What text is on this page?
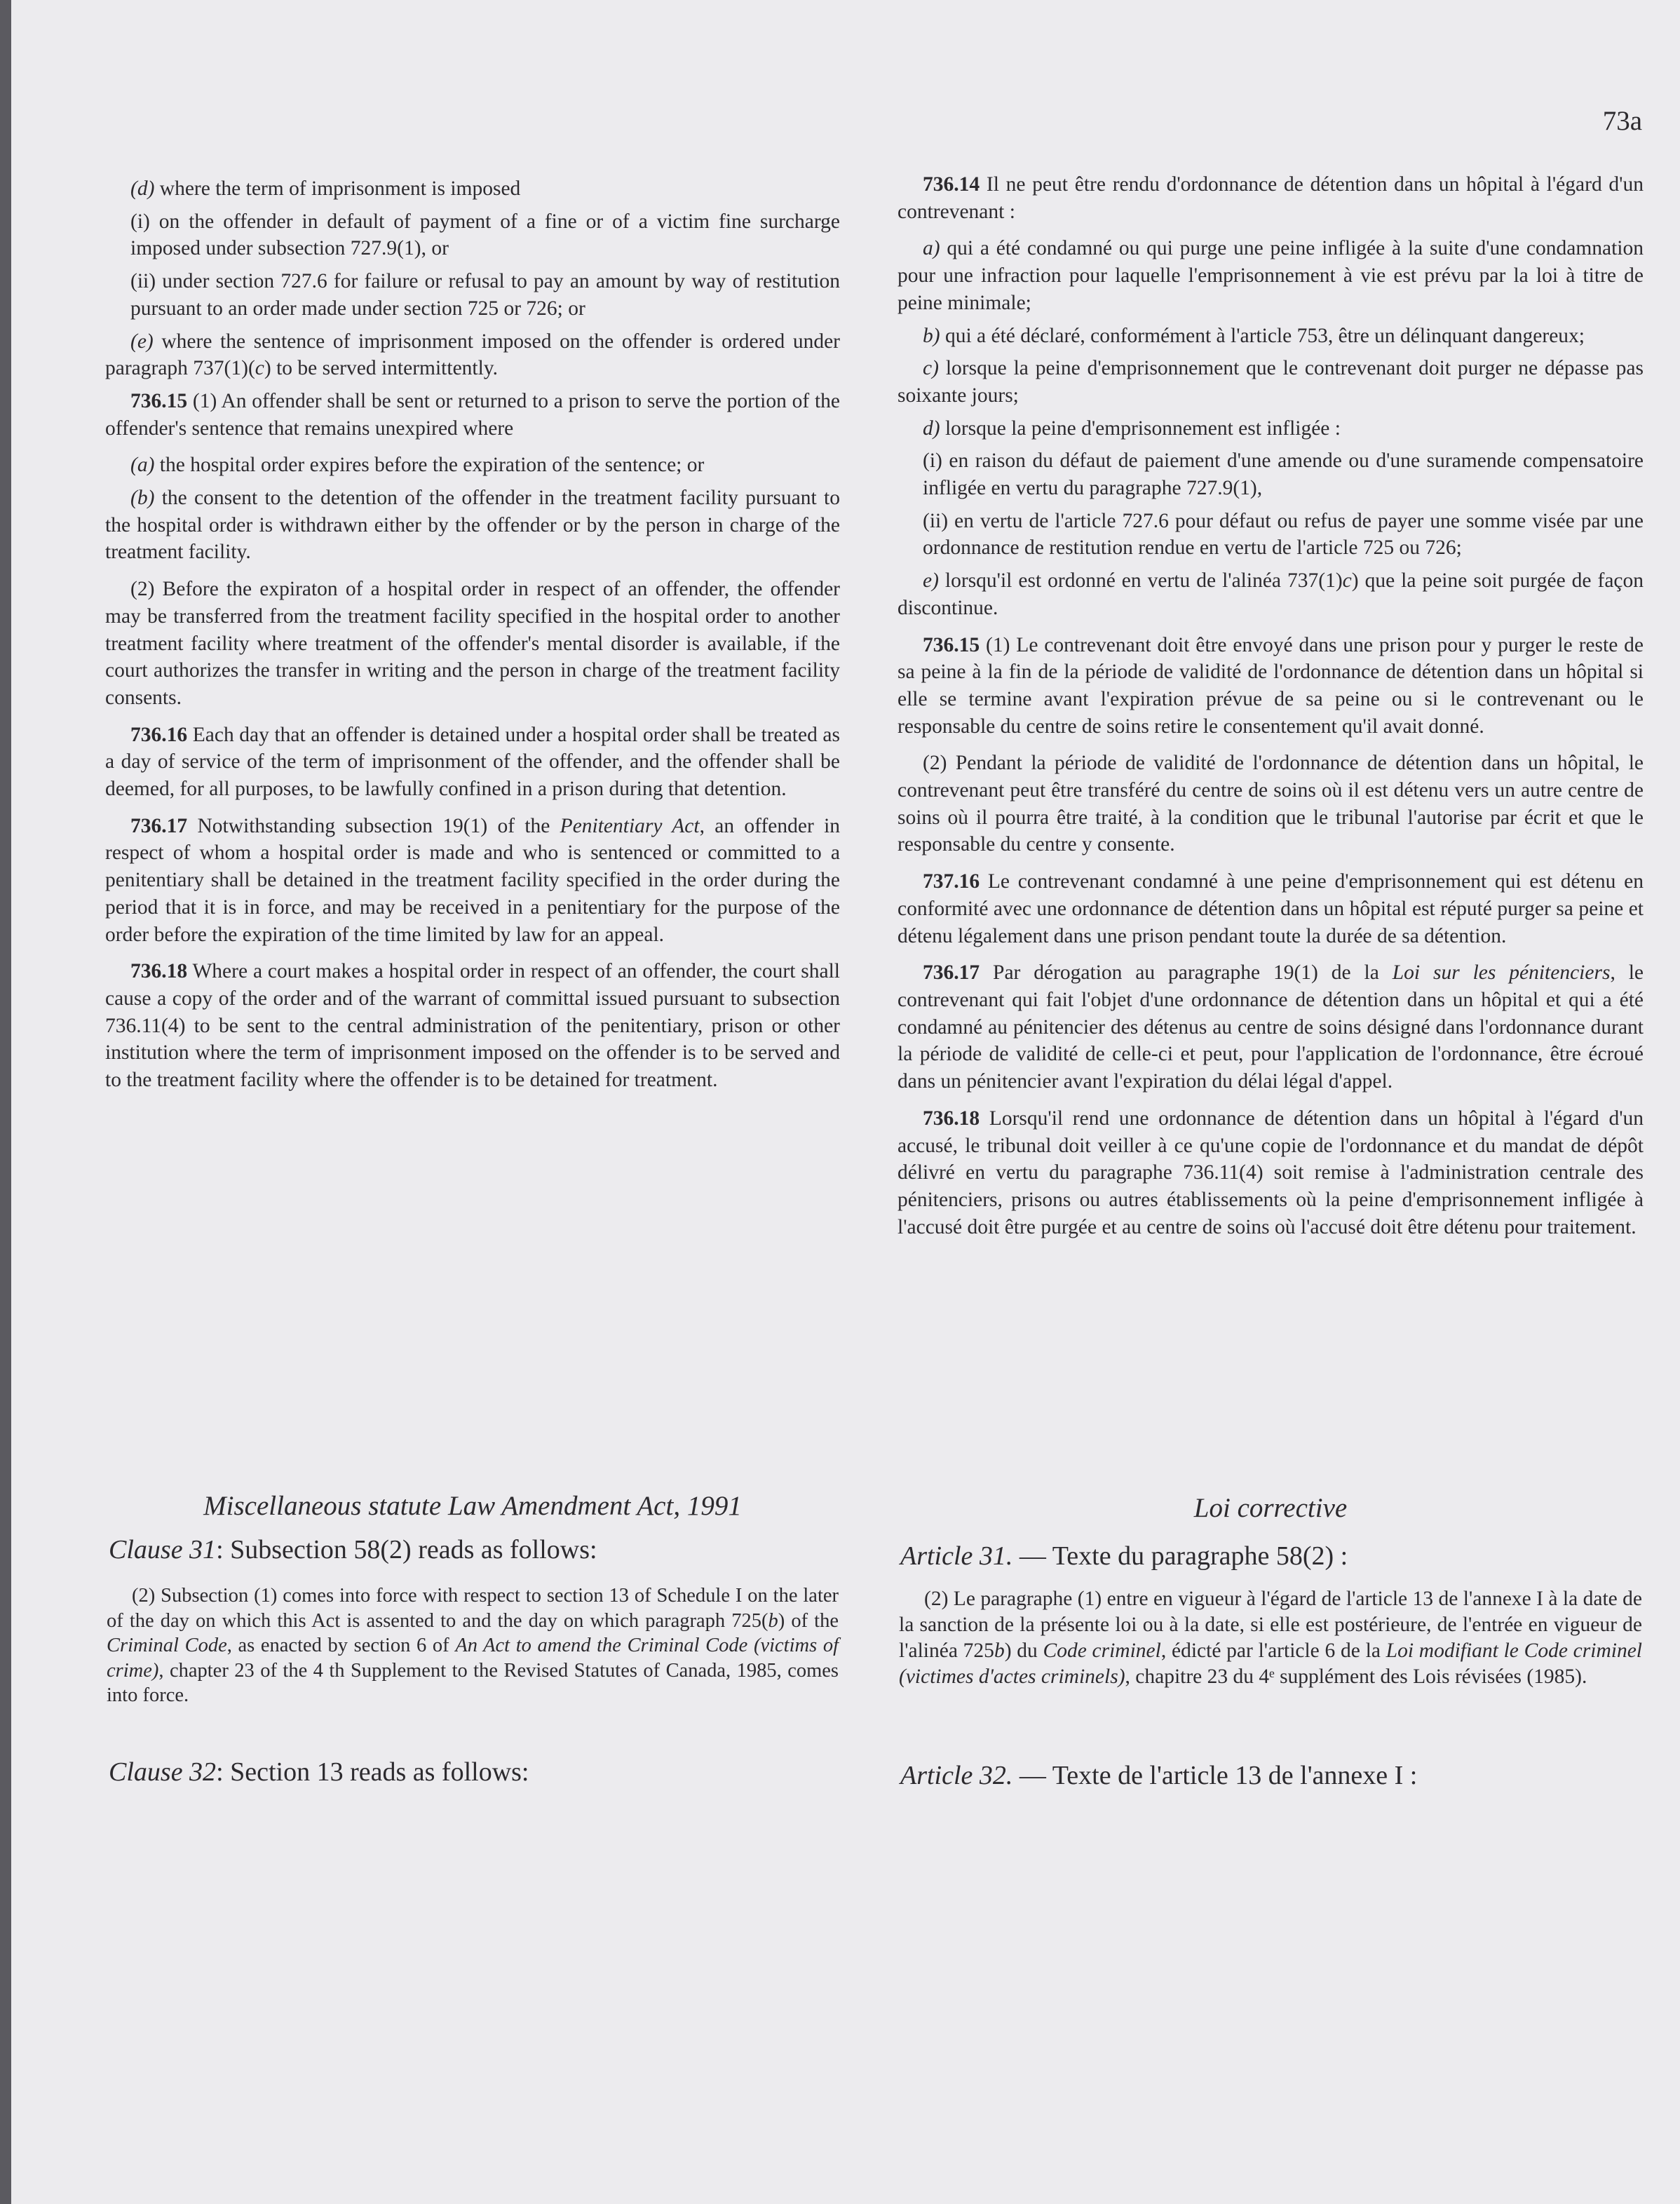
73a

(d) where the term of imprisonment is imposed

(i) on the offender in default of payment of a fine or of a victim fine surcharge imposed under subsection 727.9(1), or

(ii) under section 727.6 for failure or refusal to pay an amount by way of restitution pursuant to an order made under section 725 or 726; or

(e) where the sentence of imprisonment imposed on the offender is ordered under paragraph 737(1)(c) to be served intermittently.

736.15 (1) An offender shall be sent or returned to a prison to serve the portion of the offender's sentence that remains unexpired where

(a) the hospital order expires before the expiration of the sentence; or

(b) the consent to the detention of the offender in the treatment facility pursuant to the hospital order is withdrawn either by the offender or by the person in charge of the treatment facility.

(2) Before the expiraton of a hospital order in respect of an offender, the offender may be transferred from the treatment facility specified in the hospital order to another treatment facility where treatment of the offender's mental disorder is available, if the court authorizes the transfer in writing and the person in charge of the treatment facility consents.

736.16 Each day that an offender is detained under a hospital order shall be treated as a day of service of the term of imprisonment of the offender, and the offender shall be deemed, for all purposes, to be lawfully confined in a prison during that detention.

736.17 Notwithstanding subsection 19(1) of the Penitentiary Act, an offender in respect of whom a hospital order is made and who is sentenced or committed to a penitentiary shall be detained in the treatment facility specified in the order during the period that it is in force, and may be received in a penitentiary for the purpose of the order before the expiration of the time limited by law for an appeal.

736.18 Where a court makes a hospital order in respect of an offender, the court shall cause a copy of the order and of the warrant of committal issued pursuant to subsection 736.11(4) to be sent to the central administration of the penitentiary, prison or other institution where the term of imprisonment imposed on the offender is to be served and to the treatment facility where the offender is to be detained for treatment.

736.14 Il ne peut être rendu d'ordonnance de détention dans un hôpital à l'égard d'un contrevenant :

a) qui a été condamné ou qui purge une peine infligée à la suite d'une condamnation pour une infraction pour laquelle l'emprisonnement à vie est prévu par la loi à titre de peine minimale;

b) qui a été déclaré, conformément à l'article 753, être un délinquant dangereux;

c) lorsque la peine d'emprisonnement que le contrevenant doit purger ne dépasse pas soixante jours;

d) lorsque la peine d'emprisonnement est infligée :

(i) en raison du défaut de paiement d'une amende ou d'une suramende compensatoire infligée en vertu du paragraphe 727.9(1),

(ii) en vertu de l'article 727.6 pour défaut ou refus de payer une somme visée par une ordonnance de restitution rendue en vertu de l'article 725 ou 726;

e) lorsqu'il est ordonné en vertu de l'alinéa 737(1)c) que la peine soit purgée de façon discontinue.

736.15 (1) Le contrevenant doit être envoyé dans une prison pour y purger le reste de sa peine à la fin de la période de validité de l'ordonnance de détention dans un hôpital si elle se termine avant l'expiration prévue de sa peine ou si le contrevenant ou le responsable du centre de soins retire le consentement qu'il avait donné.

(2) Pendant la période de validité de l'ordonnance de détention dans un hôpital, le contrevenant peut être transféré du centre de soins où il est détenu vers un autre centre de soins où il pourra être traité, à la condition que le tribunal l'autorise par écrit et que le responsable du centre y consente.

737.16 Le contrevenant condamné à une peine d'emprisonnement qui est détenu en conformité avec une ordonnance de détention dans un hôpital est réputé purger sa peine et détenu légalement dans une prison pendant toute la durée de sa détention.

736.17 Par dérogation au paragraphe 19(1) de la Loi sur les pénitenciers, le contrevenant qui fait l'objet d'une ordonnance de détention dans un hôpital et qui a été condamné au pénitencier des détenus au centre de soins désigné dans l'ordonnance durant la période de validité de celle-ci et peut, pour l'application de l'ordonnance, être écroué dans un pénitencier avant l'expiration du délai légal d'appel.

736.18 Lorsqu'il rend une ordonnance de détention dans un hôpital à l'égard d'un accusé, le tribunal doit veiller à ce qu'une copie de l'ordonnance et du mandat de dépôt délivré en vertu du paragraphe 736.11(4) soit remise à l'administration centrale des pénitenciers, prisons ou autres établissements où la peine d'emprisonnement infligée à l'accusé doit être purgée et au centre de soins où l'accusé doit être détenu pour traitement.

Miscellaneous statute Law Amendment Act, 1991
Clause 31: Subsection 58(2) reads as follows:

(2) Subsection (1) comes into force with respect to section 13 of Schedule I on the later of the day on which this Act is assented to and the day on which paragraph 725(b) of the Criminal Code, as enacted by section 6 of An Act to amend the Criminal Code (victims of crime), chapter 23 of the 4 th Supplement to the Revised Statutes of Canada, 1985, comes into force.

Clause 32: Section 13 reads as follows:
Loi corrective
Article 31. — Texte du paragraphe 58(2) :

(2) Le paragraphe (1) entre en vigueur à l'égard de l'article 13 de l'annexe I à la date de la sanction de la présente loi ou à la date, si elle est postérieure, de l'entrée en vigueur de l'alinéa 725b) du Code criminel, édicté par l'article 6 de la Loi modifiant le Code criminel (victimes d'actes criminels), chapitre 23 du 4ᵉ supplément des Lois révisées (1985).

Article 32. — Texte de l'article 13 de l'annexe I :
